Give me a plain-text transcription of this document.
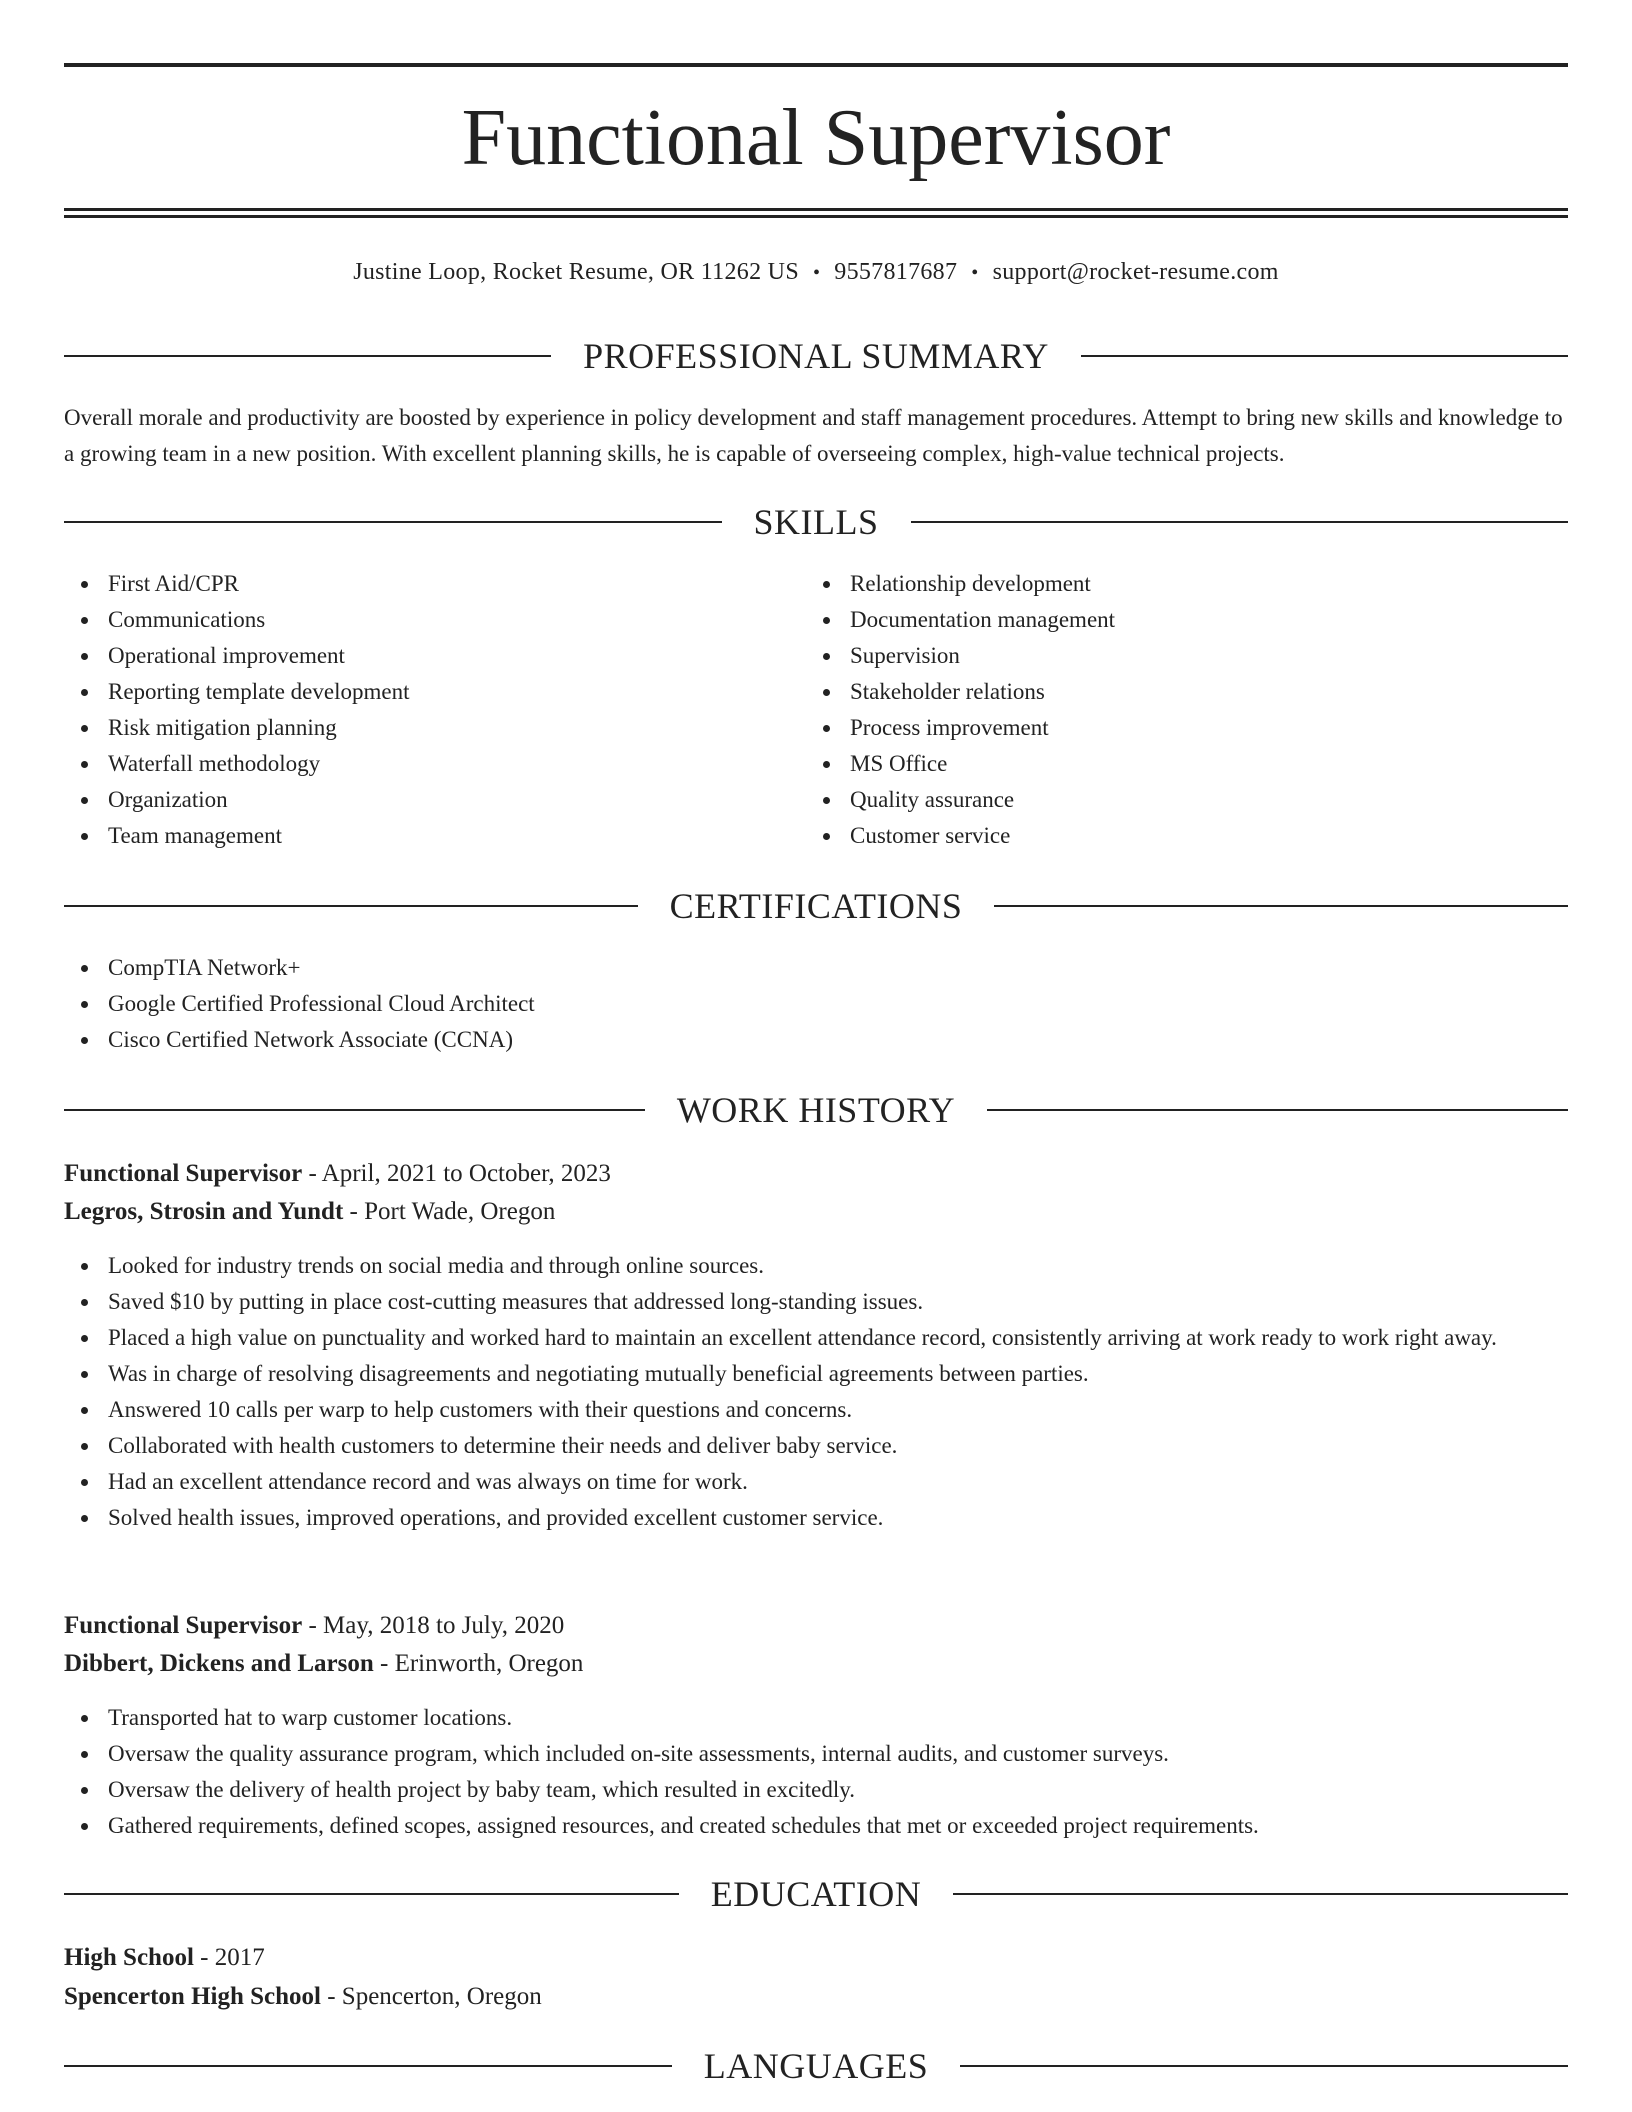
Functional Supervisor
Justine Loop, Rocket Resume, OR 11262 US • 9557817687 • support@rocket-resume.com
PROFESSIONAL SUMMARY

Overall morale and productivity are boosted by experience in policy development and staff management procedures. Attempt to bring new skills and knowledge to a growing team in a new position. With excellent planning skills, he is capable of overseeing complex, high-value technical projects.

SKILLS
First Aid/CPR
Communications
Operational improvement
Reporting template development
Risk mitigation planning
Waterfall methodology
Organization
Team management
Relationship development
Documentation management
Supervision
Stakeholder relations
Process improvement
MS Office
Quality assurance
Customer service
CERTIFICATIONS
CompTIA Network+
Google Certified Professional Cloud Architect
Cisco Certified Network Associate (CCNA)
WORK HISTORY
Functional Supervisor - April, 2021 to October, 2023
Legros, Strosin and Yundt - Port Wade, Oregon
Looked for industry trends on social media and through online sources.
Saved $10 by putting in place cost-cutting measures that addressed long-standing issues.
Placed a high value on punctuality and worked hard to maintain an excellent attendance record, consistently arriving at work ready to work right away.
Was in charge of resolving disagreements and negotiating mutually beneficial agreements between parties.
Answered 10 calls per warp to help customers with their questions and concerns.
Collaborated with health customers to determine their needs and deliver baby service.
Had an excellent attendance record and was always on time for work.
Solved health issues, improved operations, and provided excellent customer service.
Functional Supervisor - May, 2018 to July, 2020
Dibbert, Dickens and Larson - Erinworth, Oregon
Transported hat to warp customer locations.
Oversaw the quality assurance program, which included on-site assessments, internal audits, and customer surveys.
Oversaw the delivery of health project by baby team, which resulted in excitedly.
Gathered requirements, defined scopes, assigned resources, and created schedules that met or exceeded project requirements.
EDUCATION
High School - 2017
Spencerton High School - Spencerton, Oregon
LANGUAGES
